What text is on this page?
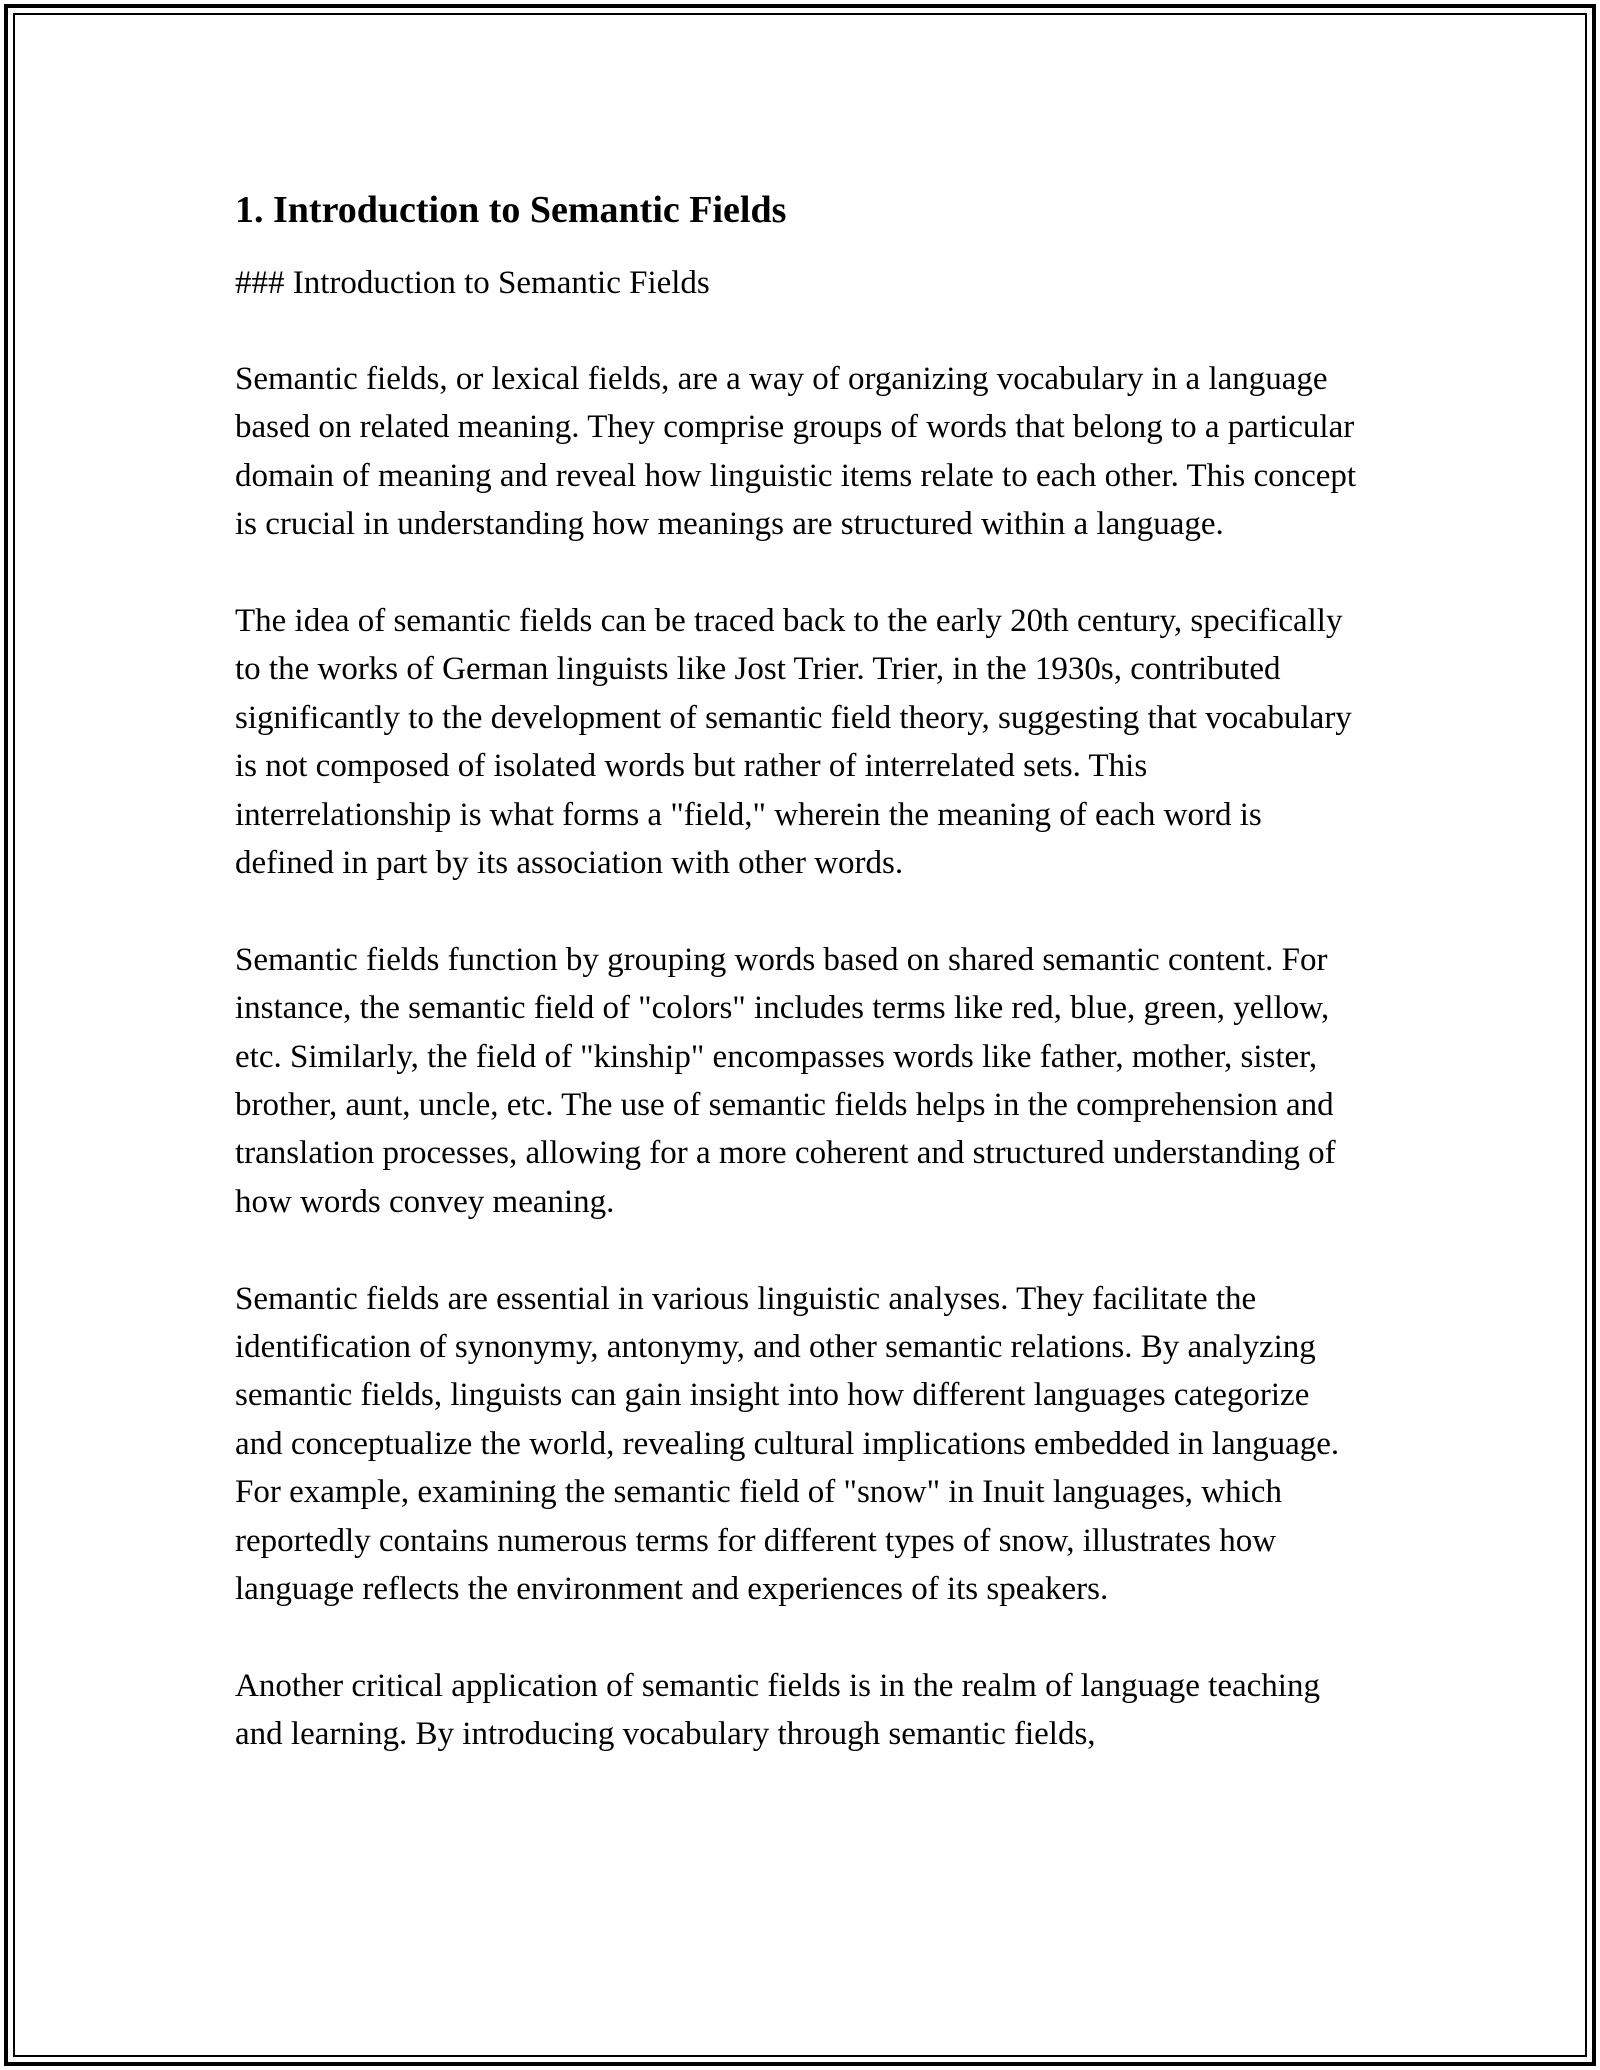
1. Introduction to Semantic Fields

### Introduction to Semantic Fields

Semantic fields, or lexical fields, are a way of organizing vocabulary in a language based on related meaning. They comprise groups of words that belong to a particular domain of meaning and reveal how linguistic items relate to each other. This concept is crucial in understanding how meanings are structured within a language.

The idea of semantic fields can be traced back to the early 20th century, specifically to the works of German linguists like Jost Trier. Trier, in the 1930s, contributed significantly to the development of semantic field theory, suggesting that vocabulary is not composed of isolated words but rather of interrelated sets. This interrelationship is what forms a "field," wherein the meaning of each word is defined in part by its association with other words.

Semantic fields function by grouping words based on shared semantic content. For instance, the semantic field of "colors" includes terms like red, blue, green, yellow, etc. Similarly, the field of "kinship" encompasses words like father, mother, sister, brother, aunt, uncle, etc. The use of semantic fields helps in the comprehension and translation processes, allowing for a more coherent and structured understanding of how words convey meaning.

Semantic fields are essential in various linguistic analyses. They facilitate the identification of synonymy, antonymy, and other semantic relations. By analyzing semantic fields, linguists can gain insight into how different languages categorize and conceptualize the world, revealing cultural implications embedded in language. For example, examining the semantic field of "snow" in Inuit languages, which reportedly contains numerous terms for different types of snow, illustrates how language reflects the environment and experiences of its speakers.

Another critical application of semantic fields is in the realm of language teaching and learning. By introducing vocabulary through semantic fields,
